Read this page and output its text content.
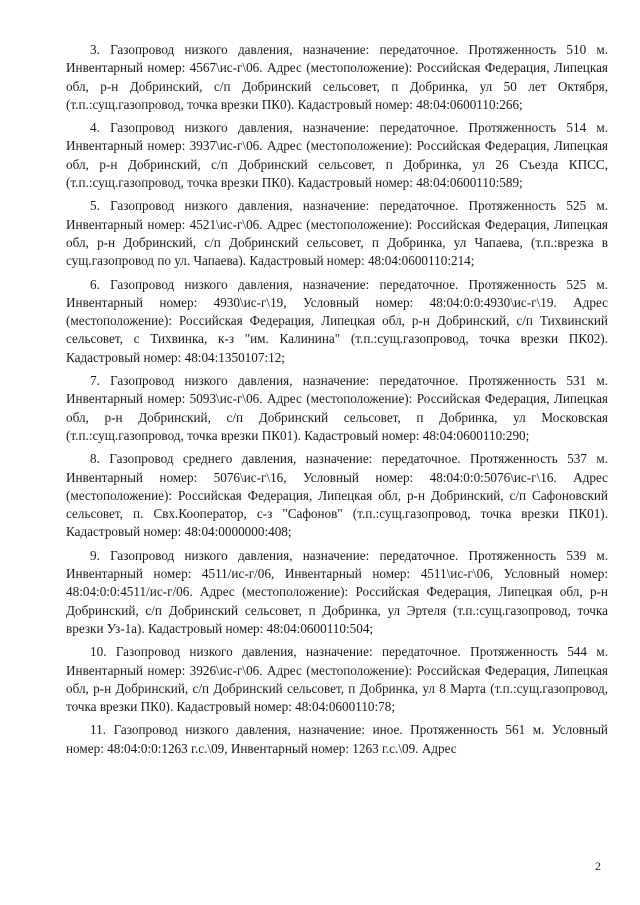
3. Газопровод низкого давления, назначение: передаточное. Протяженность 510 м. Инвентарный номер: 4567\ис-г\06. Адрес (местоположение): Российская Федерация, Липецкая обл, р-н Добринский, с/п Добринский сельсовет, п Добринка, ул 50 лет Октября, (т.п.:сущ.газопровод, точка врезки ПК0). Кадастровый номер: 48:04:0600110:266;

4. Газопровод низкого давления, назначение: передаточное. Протяженность 514 м. Инвентарный номер: 3937\ис-г\06. Адрес (местоположение): Российская Федерация, Липецкая обл, р-н Добринский, с/п Добринский сельсовет, п Добринка, ул 26 Съезда КПСС, (т.п.:сущ.газопровод, точка врезки ПК0). Кадастровый номер: 48:04:0600110:589;

5. Газопровод низкого давления, назначение: передаточное. Протяженность 525 м. Инвентарный номер: 4521\ис-г\06. Адрес (местоположение): Российская Федерация, Липецкая обл, р-н Добринский, с/п Добринский сельсовет, п Добринка, ул Чапаева, (т.п.:врезка в сущ.газопровод по ул. Чапаева). Кадастровый номер: 48:04:0600110:214;

6. Газопровод низкого давления, назначение: передаточное. Протяженность 525 м. Инвентарный номер: 4930\ис-г\19, Условный номер: 48:04:0:0:4930\ис-г\19. Адрес (местоположение): Российская Федерация, Липецкая обл, р-н Добринский, с/п Тихвинский сельсовет, с Тихвинка, к-з "им. Калинина" (т.п.:сущ.газопровод, точка врезки ПК02). Кадастровый номер: 48:04:1350107:12;

7. Газопровод низкого давления, назначение: передаточное. Протяженность 531 м. Инвентарный номер: 5093\ис-г\06. Адрес (местоположение): Российская Федерация, Липецкая обл, р-н Добринский, с/п Добринский сельсовет, п Добринка, ул Московская (т.п.:сущ.газопровод, точка врезки ПК01). Кадастровый номер: 48:04:0600110:290;

8. Газопровод среднего давления, назначение: передаточное. Протяженность 537 м. Инвентарный номер: 5076\ис-г\16, Условный номер: 48:04:0:0:5076\ис-г\16. Адрес (местоположение): Российская Федерация, Липецкая обл, р-н Добринский, с/п Сафоновский сельсовет, п. Свх.Кооператор, с-з "Сафонов" (т.п.:сущ.газопровод, точка врезки ПК01). Кадастровый номер: 48:04:0000000:408;

9. Газопровод низкого давления, назначение: передаточное. Протяженность 539 м. Инвентарный номер: 4511/ис-г/06, Инвентарный номер: 4511\ис-г\06, Условный номер: 48:04:0:0:4511/ис-г/06. Адрес (местоположение): Российская Федерация, Липецкая обл, р-н Добринский, с/п Добринский сельсовет, п Добринка, ул Эртеля (т.п.:сущ.газопровод, точка врезки Уз-1а). Кадастровый номер: 48:04:0600110:504;

10. Газопровод низкого давления, назначение: передаточное. Протяженность 544 м. Инвентарный номер: 3926\ис-г\06. Адрес (местоположение): Российская Федерация, Липецкая обл, р-н Добринский, с/п Добринский сельсовет, п Добринка, ул 8 Марта (т.п.:сущ.газопровод, точка врезки ПК0). Кадастровый номер: 48:04:0600110:78;

11. Газопровод низкого давления, назначение: иное. Протяженность 561 м. Условный номер: 48:04:0:0:1263 г.с.\09, Инвентарный номер: 1263 г.с.\09. Адрес

2
